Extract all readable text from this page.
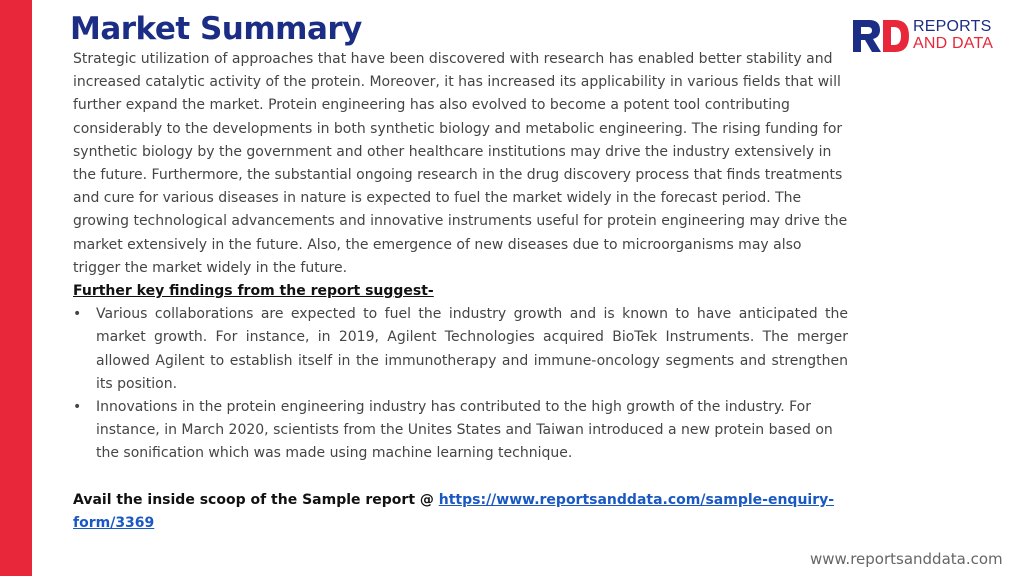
Market Summary	REPORTS
AND DATA

Strategic utilization of approaches that have been discovered with research has enabled better stability and increased catalytic activity of the protein. Moreover, it has increased its applicability in various fields that will further expand the market. Protein engineering has also evolved to become a potent tool contributing considerably to the developments in both synthetic biology and metabolic engineering. The rising funding for synthetic biology by the government and other healthcare institutions may drive the industry extensively in the future. Furthermore, the substantial ongoing research in the drug discovery process that finds treatments and cure for various diseases in nature is expected to fuel the market widely in the forecast period. The growing technological advancements and innovative instruments useful for protein engineering may drive the market extensively in the future. Also, the emergence of new diseases due to microorganisms may also trigger the market widely in the future.

Further key findings from the report suggest-

• Various collaborations are expected to fuel the industry growth and is known to have anticipated the market growth. For instance, in 2019, Agilent Technologies acquired BioTek Instruments. The merger allowed Agilent to establish itself in the immunotherapy and immune-oncology segments and strengthen its position.
• Innovations in the protein engineering industry has contributed to the high growth of the industry. For instance, in March 2020, scientists from the Unites States and Taiwan introduced a new protein based on the sonification which was made using machine learning technique.

Avail the inside scoop of the Sample report @ https://www.reportsanddata.com/sample-enquiry-form/3369

www.reportsanddata.com
